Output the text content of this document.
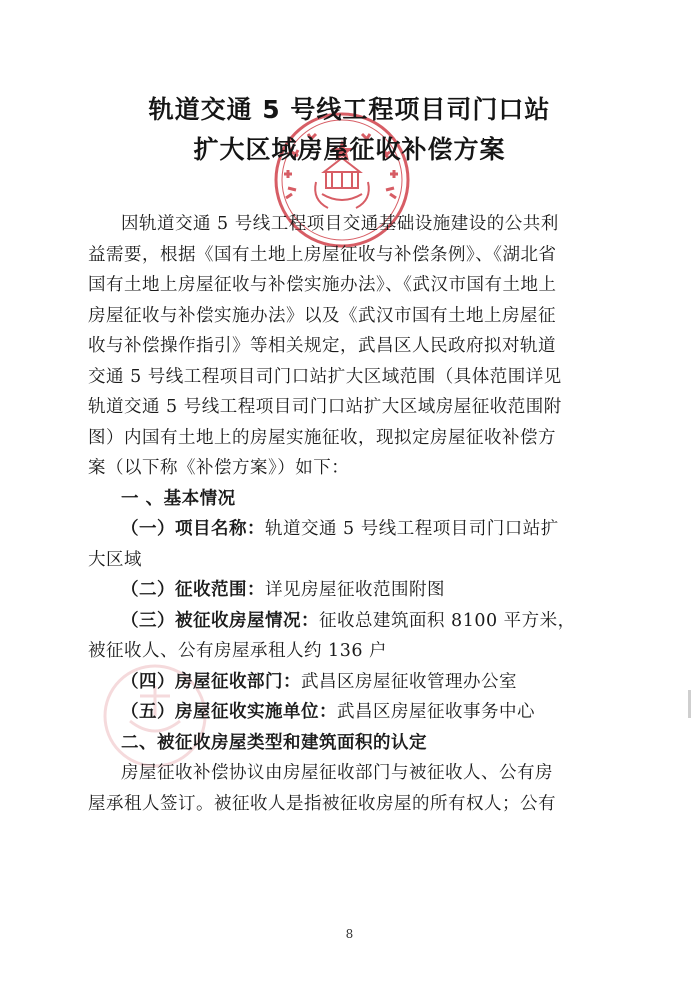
轨道交通 5 号线工程项目司门口站
扩大区域房屋征收补偿方案
因轨道交通 5 号线工程项目交通基础设施建设的公共利
益需要，根据《国有土地上房屋征收与补偿条例》、《湖北省
国有土地上房屋征收与补偿实施办法》、《武汉市国有土地上
房屋征收与补偿实施办法》以及《武汉市国有土地上房屋征
收与补偿操作指引》等相关规定，武昌区人民政府拟对轨道
交通 5 号线工程项目司门口站扩大区域范围（具体范围详见
轨道交通 5 号线工程项目司门口站扩大区域房屋征收范围附
图）内国有土地上的房屋实施征收，现拟定房屋征收补偿方
案（以下称《补偿方案》）如下：
一 、基本情况
（一）项目名称：轨道交通 5 号线工程项目司门口站扩
大区域
（二）征收范围：详见房屋征收范围附图
（三）被征收房屋情况：征收总建筑面积 8100 平方米，
被征收人、公有房屋承租人约 136 户
（四）房屋征收部门：武昌区房屋征收管理办公室
（五）房屋征收实施单位：武昌区房屋征收事务中心
8
二、被征收房屋类型和建筑面积的认定
房屋征收补偿协议由房屋征收部门与被征收人、公有房
屋承租人签订。被征收人是指被征收房屋的所有权人；公有
